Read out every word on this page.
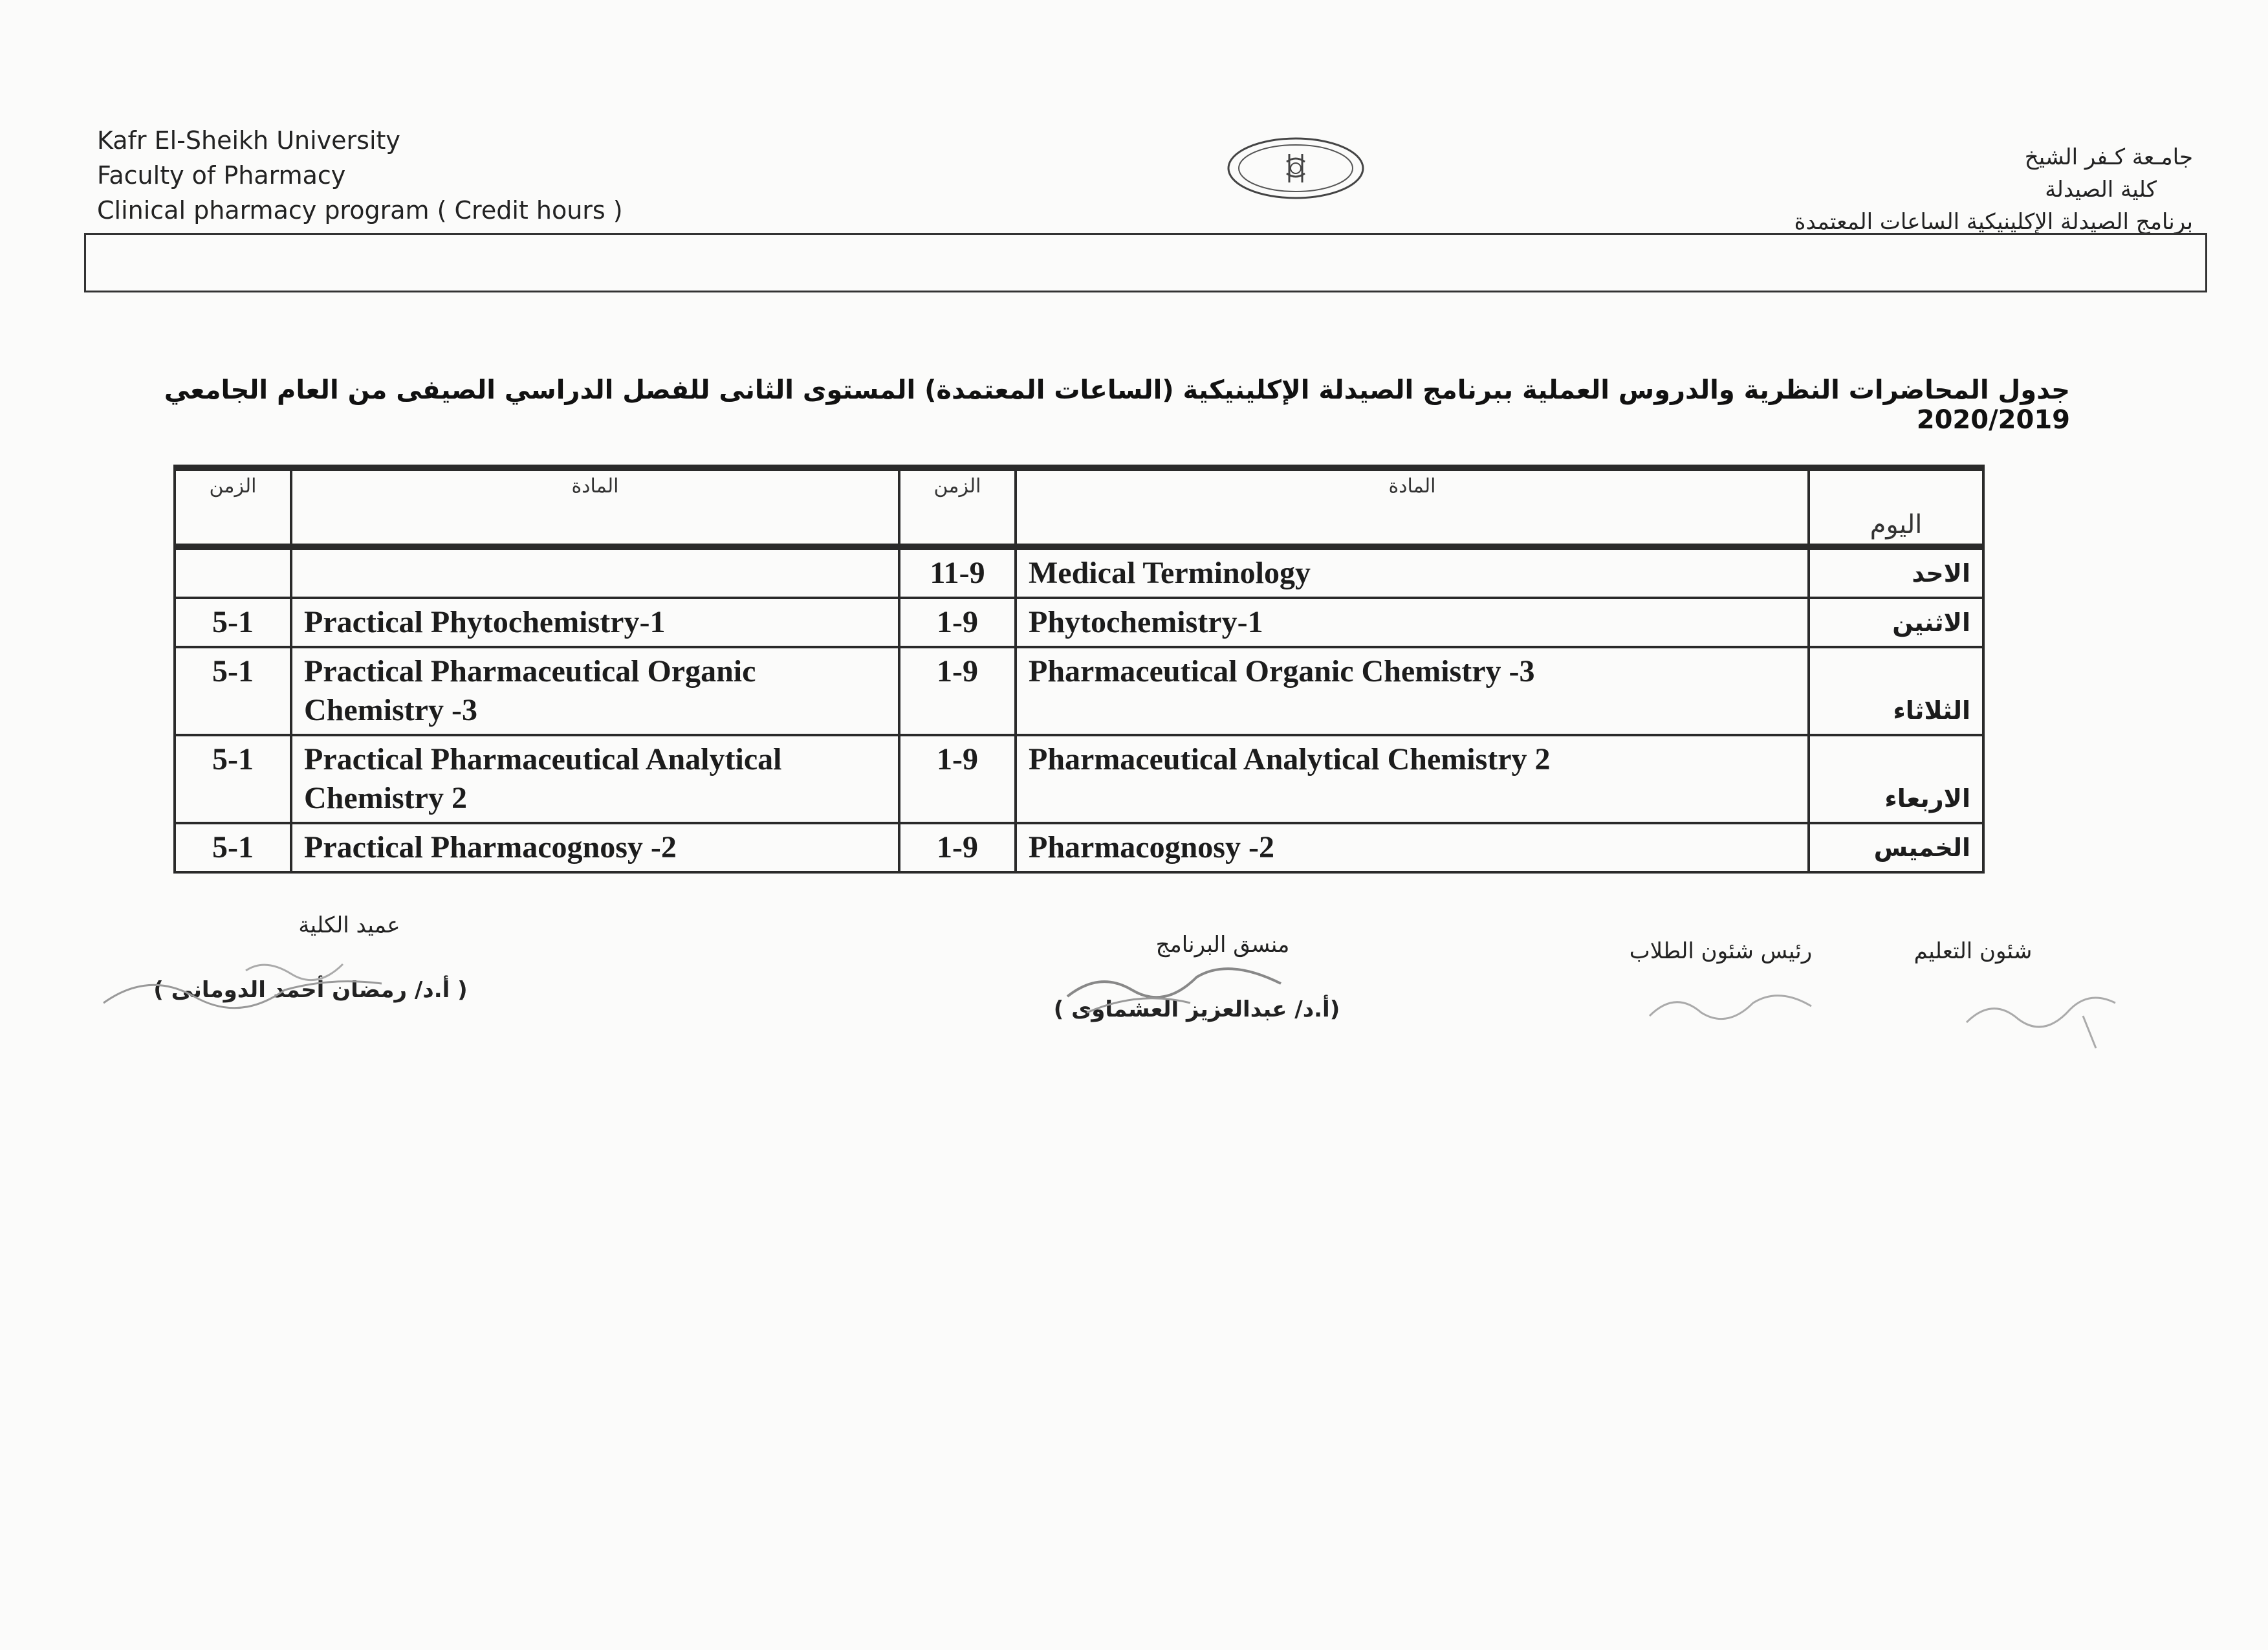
Kafr El-Sheikh University
Faculty of Pharmacy
Clinical pharmacy program ( Credit hours )
جامـعة كـفر الشيخ
كلية الصيدلة
برنامج الصيدلة الإكلينيكية الساعات المعتمدة
جدول المحاضرات النظرية والدروس العملية ببرنامج الصيدلة الإكلينيكية (الساعات المعتمدة) المستوى الثانى للفصل الدراسي الصيفى من العام الجامعي 2020/2019
الزمن	المادة	الزمن	المادة	اليوم
		11-9	Medical Terminology	الاحد
5-1	Practical Phytochemistry-1	1-9	Phytochemistry-1	الاثنين
5-1	Practical Pharmaceutical Organic Chemistry -3	1-9	Pharmaceutical Organic Chemistry -3	الثلاثاء
5-1	Practical Pharmaceutical Analytical Chemistry 2	1-9	Pharmaceutical Analytical Chemistry 2	الاربعاء
5-1	Practical Pharmacognosy -2	1-9	Pharmacognosy -2	الخميس
عميد الكلية
( أ.د/ رمضان أحمد الدومانى )
منسق البرنامج
(أ.د/ عبدالعزيز العشماوى )
رئيس شئون الطلاب	شئون التعليم
